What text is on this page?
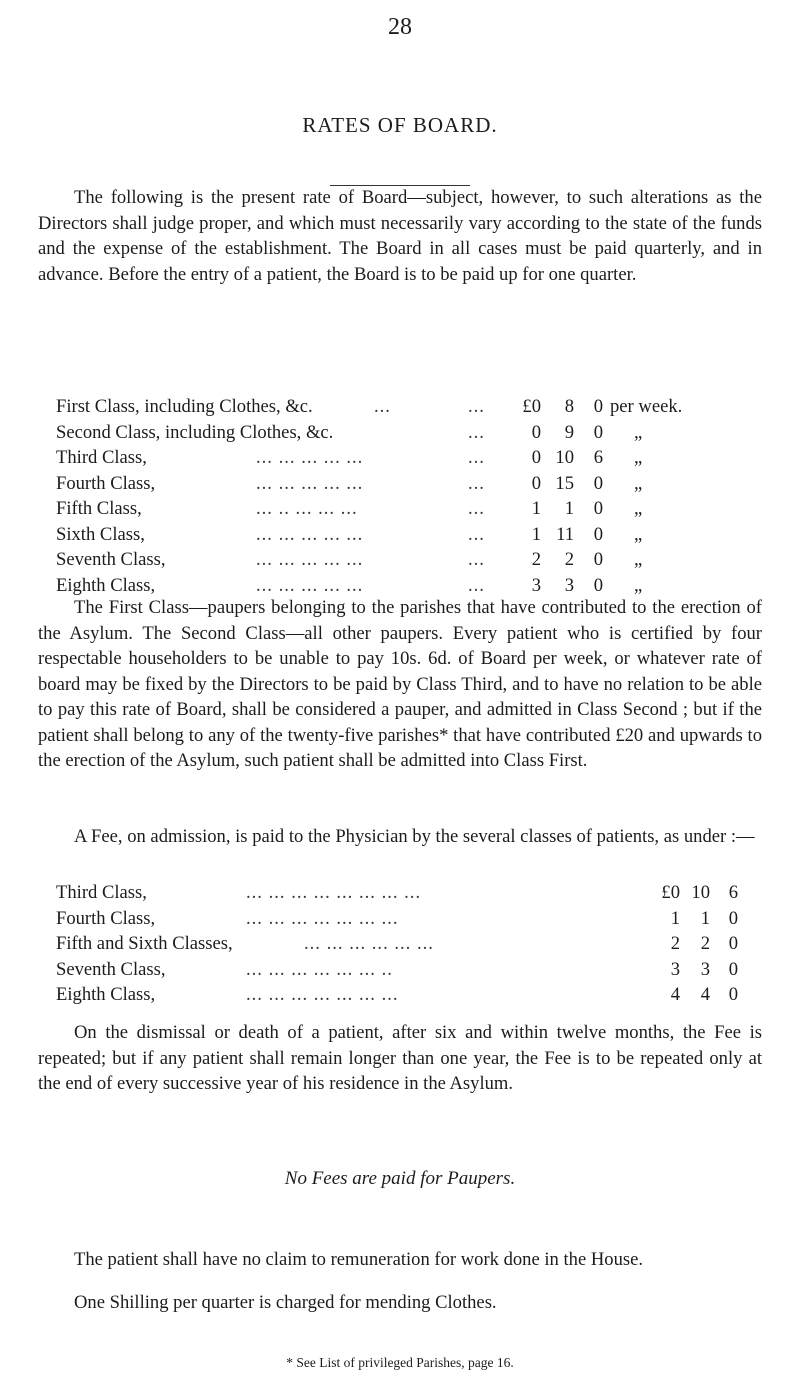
28
RATES OF BOARD.

The following is the present rate of Board—subject, however, to such alterations as the Directors shall judge proper, and which must necessarily vary according to the state of the funds and the expense of the establishment. The Board in all cases must be paid quarterly, and in advance. Before the entry of a patient, the Board is to be paid up for one quarter.

First Class, including Clothes, &c.	...	...	£0	8	0 per week.
Second Class, including Clothes, &c.	...	0	9	0 „
Third Class,	... ... ... ... ...	...	0 10	6 „
Fourth Class,	... ... ... ... ...	...	0 15	0 „
Fifth Class,	... .. ... ... ...	...	1	1	0 „
Sixth Class,	... ... ... ... ...	...	1 11	0 „
Seventh Class,	... ... ... ... ...	...	2	2	0 „
Eighth Class,	... ... ... ... ...	...	3	3	0 „

The First Class—paupers belonging to the parishes that have contributed to the erection of the Asylum. The Second Class—all other paupers. Every patient who is certified by four respectable householders to be unable to pay 10s. 6d. of Board per week, or whatever rate of board may be fixed by the Directors to be paid by Class Third, and to have no relation to be able to pay this rate of Board, shall be considered a pauper, and admitted in Class Second ; but if the patient shall belong to any of the twenty-five parishes* that have contributed £20 and upwards to the erection of the Asylum, such patient shall be admitted into Class First.

A Fee, on admission, is paid to the Physician by the several classes of patients, as under :—

Third Class,	... ... ... ... ... ... ... ...	£0 10	6
Fourth Class,	... ... ... ... ... ... ...	1	1	0
Fifth and Sixth Classes,	... ... ... ... ... ...	2	2	0
Seventh Class,	... ... ... ... ... ... ..	3	3	0
Eighth Class,	... ... ... ... ... ... ...	4	4	0

On the dismissal or death of a patient, after six and within twelve months, the Fee is repeated; but if any patient shall remain longer than one year, the Fee is to be repeated only at the end of every successive year of his residence in the Asylum.

No Fees are paid for Paupers.

The patient shall have no claim to remuneration for work done in the House.

One Shilling per quarter is charged for mending Clothes.

* See List of privileged Parishes, page 16.
